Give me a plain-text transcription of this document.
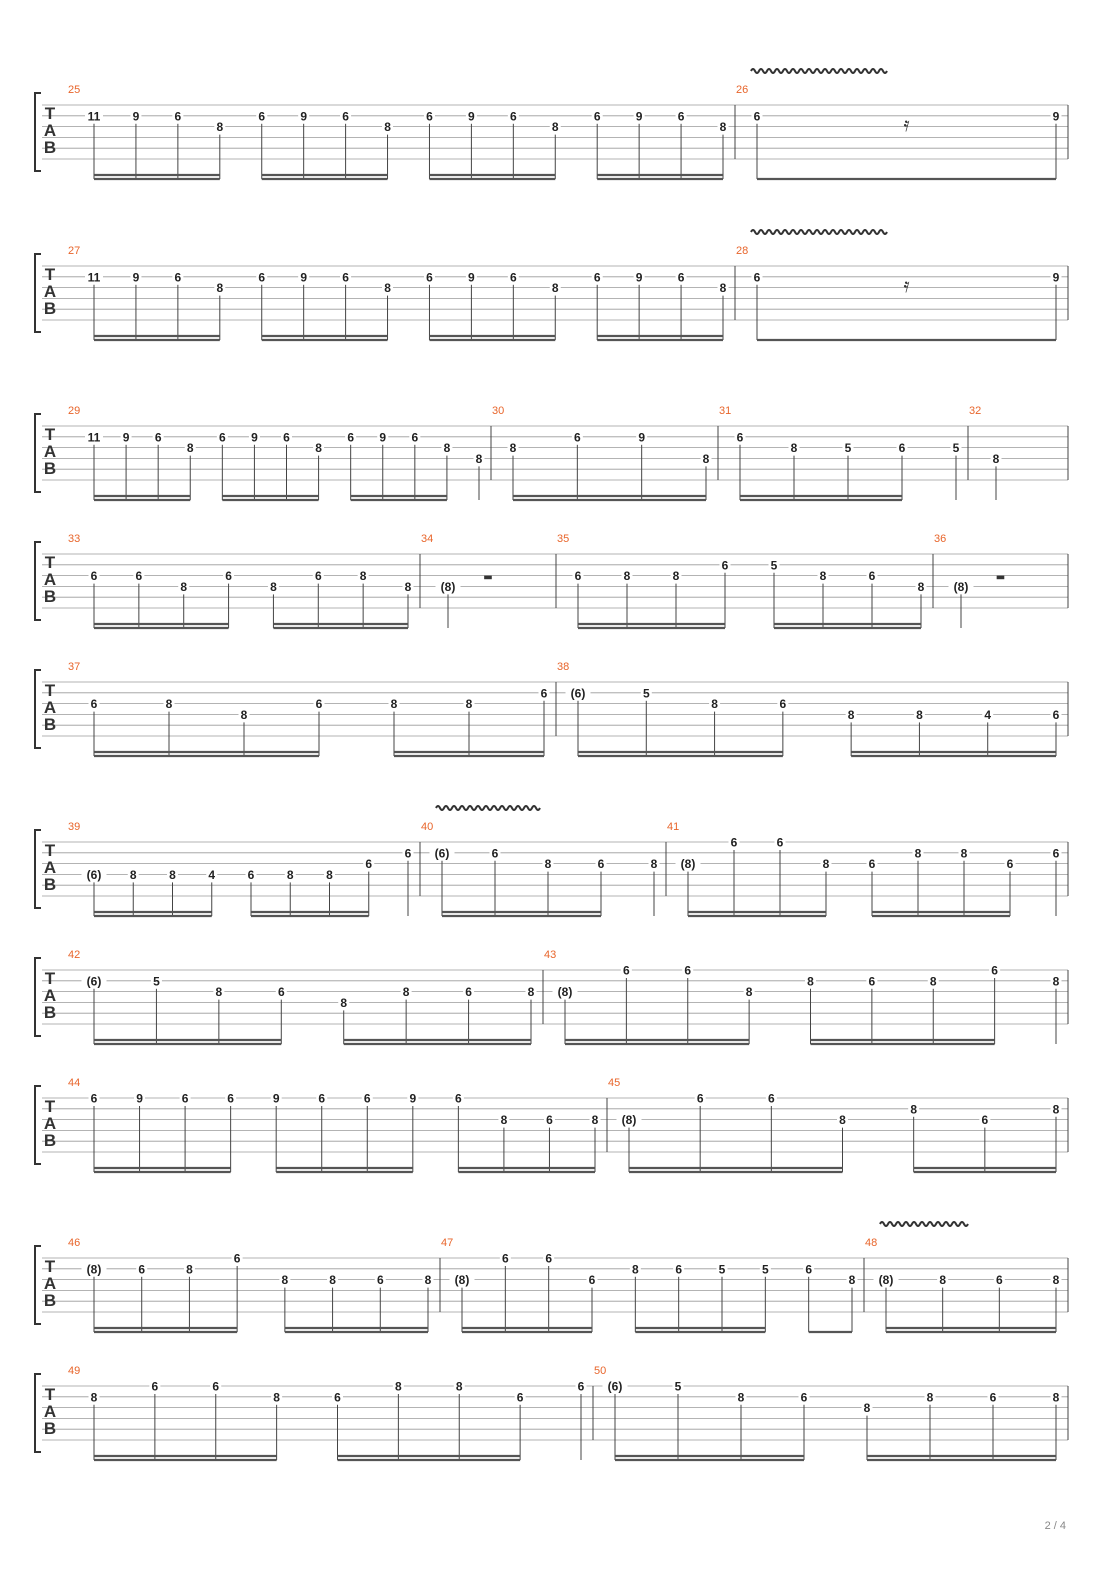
T
A
B
25
11	9	6
8
6	9	6
8
6	9	6
8
6	9	6
8
26
6	9
𝄿
T
A
B
27
11	9	6
8
6	9	6
8
6	9	6
8
6	9	6
8
28
6	9
𝄿
T
A
B
29
11 9 6
8
6 9 6
8
6 9 6
8
8
30
8
6	9
8
31
6
8	5	6	5
32
8
T
A
B
33
6	6
8
6
8
6	8
8
34
(8)
▬
35
6	8	8
6	5
8	6
8
36
(8)
▬
T
A
B
37
6	8
8
6	8	8
6
38
(6)	5
8	6
8	8	4	6
T
A
B
39
(6) 8	8	4	6	8	8
6
6
40
(6)	6
8	6	8
41
(8)
6	6
8	6
8	8
6
6
T
A
B
42
(6)	5
8	6
8
8	6	8
43
(8)
6	6
8
8	6	8
6
8
T
A
B
44
6	9	6	6	9	6	6	9	6
8	6	8
45
(8)
6	6
8
8
6
8
T
A
B
46
(8)	6	8
6
8	8	6	8
47
(8)
6	6
6
8	6	5	5	6
8
48
(8)	8	6	8
T
A
B
49
8
6	6
8	6
8	8
6
6
50
(6)	5
8	6
8
8	6	8
2 / 4
